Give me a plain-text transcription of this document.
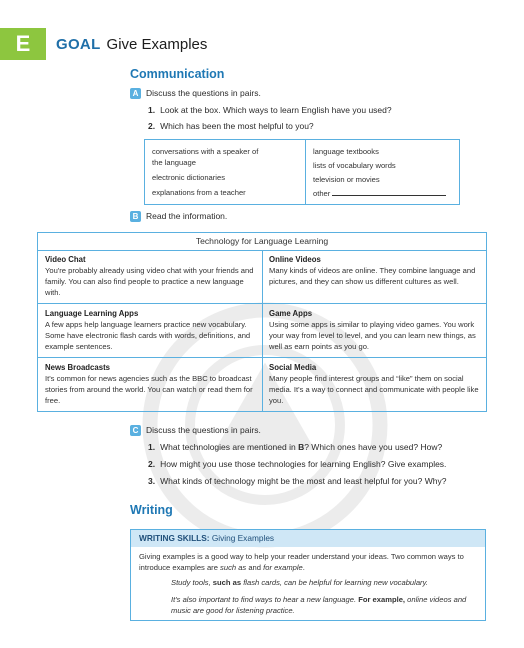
E	GOAL Give Examples
Communication
A Discuss the questions in pairs.
1. Look at the box. Which ways to learn English have you used?
2. Which has been the most helpful to you?
conversations with a speaker of the language
electronic dictionaries
explanations from a teacher
language textbooks
lists of vocabulary words
television or movies
other
B Read the information.
Technology for Language Learning
Video Chat
You're probably already using video chat with your friends and family. You can also find people to practice a new language with.
Online Videos
Many kinds of videos are online. They combine language and pictures, and they can show us different cultures as well.
Language Learning Apps
A few apps help language learners practice new vocabulary. Some have electronic flash cards with words, definitions, and example sentences.
Game Apps
Using some apps is similar to playing video games. You work your way from level to level, and you can learn new things, as well as earn points as you go.
News Broadcasts
It's common for news agencies such as the BBC to broadcast stories from around the world. You can watch or read them for free.
Social Media
Many people find interest groups and “like” them on social media. It's a way to connect and communicate with people like you.
C Discuss the questions in pairs.
1. What technologies are mentioned in B? Which ones have you used? How?
2. How might you use those technologies for learning English? Give examples.
3. What kinds of technology might be the most and least helpful for you? Why?
Writing
WRITING SKILLS: Giving Examples
Giving examples is a good way to help your reader understand your ideas. Two common ways to introduce examples are such as and for example.
Study tools, such as flash cards, can be helpful for learning new vocabulary.
It's also important to find ways to hear a new language. For example, online videos and music are good for listening practice.
